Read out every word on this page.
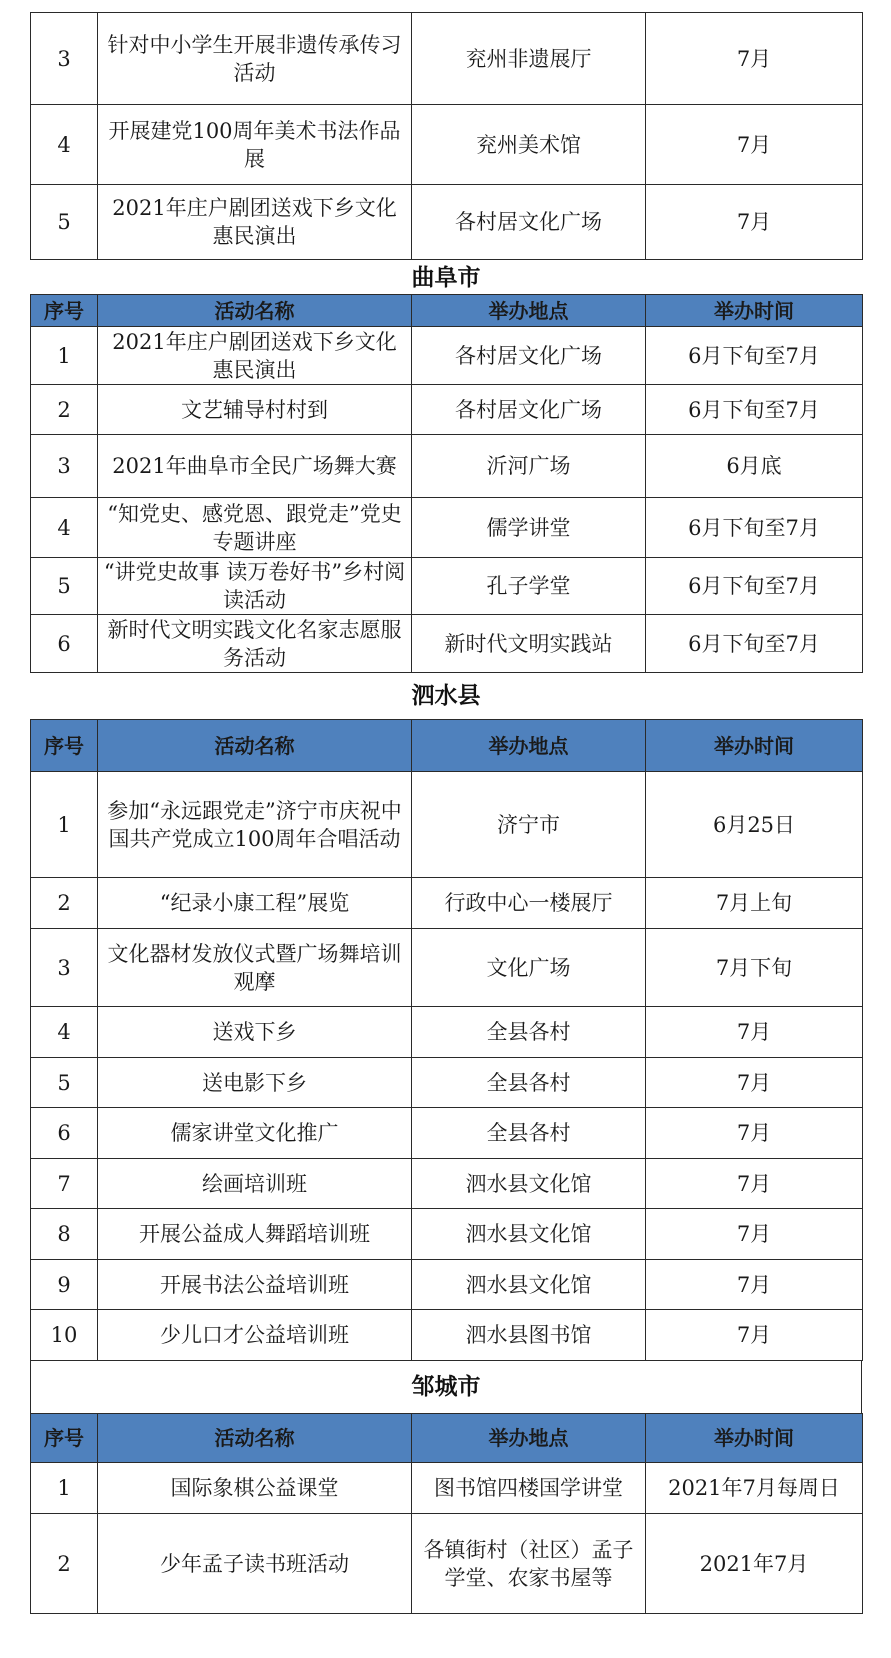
3	针对中小学生开展非遗传承传习活动	兖州非遗展厅	7月
4	开展建党100周年美术书法作品展	兖州美术馆	7月
5	2021年庄户剧团送戏下乡文化惠民演出	各村居文化广场	7月
曲阜市
序号	活动名称	举办地点	举办时间
1	2021年庄户剧团送戏下乡文化惠民演出	各村居文化广场	6月下旬至7月
2	文艺辅导村村到	各村居文化广场	6月下旬至7月
3	2021年曲阜市全民广场舞大赛	沂河广场	6月底
4	“知党史、感党恩、跟党走”党史专题讲座	儒学讲堂	6月下旬至7月
5	“讲党史故事 读万卷好书”乡村阅读活动	孔子学堂	6月下旬至7月
6	新时代文明实践文化名家志愿服务活动	新时代文明实践站	6月下旬至7月
泗水县
序号	活动名称	举办地点	举办时间
1	参加“永远跟党走”济宁市庆祝中国共产党成立100周年合唱活动	济宁市	6月25日
2	“纪录小康工程”展览	行政中心一楼展厅	7月上旬
3	文化器材发放仪式暨广场舞培训观摩	文化广场	7月下旬
4	送戏下乡	全县各村	7月
5	送电影下乡	全县各村	7月
6	儒家讲堂文化推广	全县各村	7月
7	绘画培训班	泗水县文化馆	7月
8	开展公益成人舞蹈培训班	泗水县文化馆	7月
9	开展书法公益培训班	泗水县文化馆	7月
10	少儿口才公益培训班	泗水县图书馆	7月
邹城市
序号	活动名称	举办地点	举办时间
1	国际象棋公益课堂	图书馆四楼国学讲堂	2021年7月每周日
2	少年孟子读书班活动	各镇街村（社区）孟子学堂、农家书屋等	2021年7月
